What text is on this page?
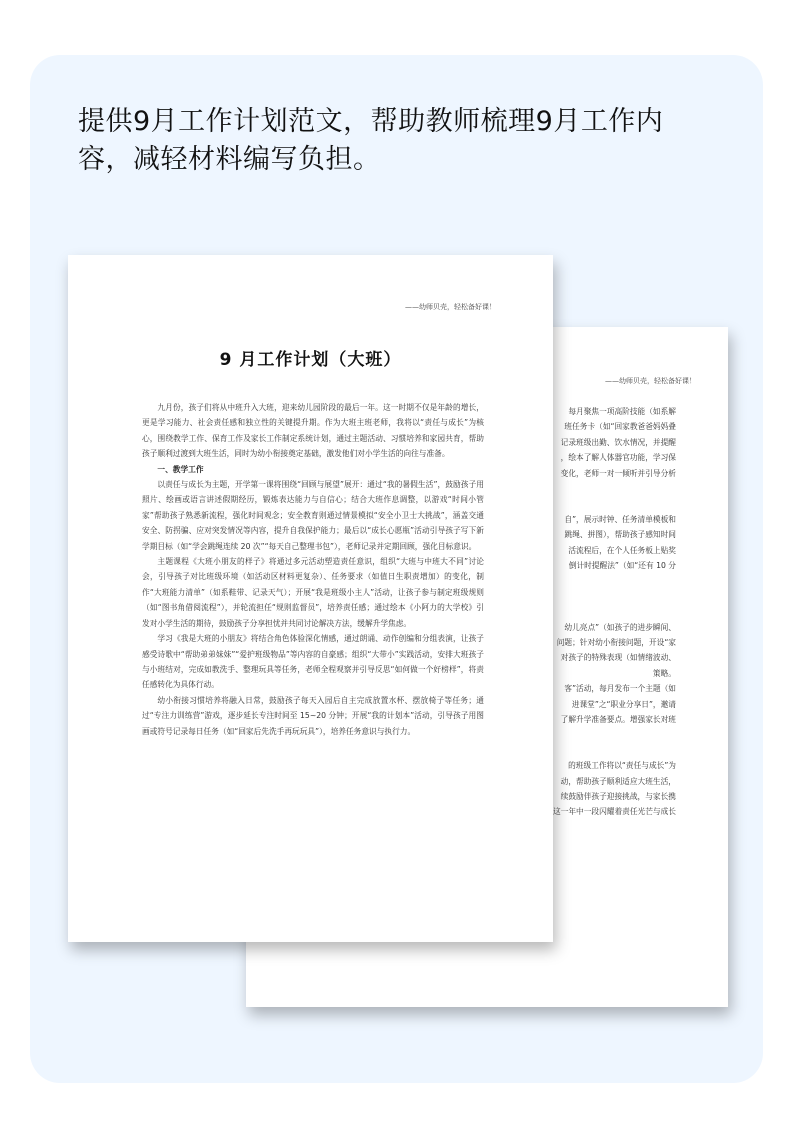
提供9月工作计划范文，帮助教师梳理9月工作内容，减轻材料编写负担。
——幼师贝壳，轻松备好课！
每月聚焦一项高阶技能（如系解
班任务卡（如“回家教爸爸妈妈叠
记录班级出勤、饮水情况，并提醒
，绘本了解人体器官功能，学习保
变化，老师一对一倾听并引导分析
自”，展示时钟、任务清单模板和
跳绳、拼图），帮助孩子感知时间
活流程后，在个人任务板上贴奖
倒计时提醒法”（如“还有 10 分
幼儿亮点”（如孩子的进步瞬间、
问题；针对幼小衔接问题，开设“家
对孩子的特殊表现（如情绪波动、
策略。
客”活动，每月发布一个主题（如
进课堂”之“职业分享日”，邀请
了解升学准备要点。增强家长对班
的班级工作将以“责任与成长”为
动，帮助孩子顺利适应大班生活，
续鼓励伴孩子迎接挑战，与家长携
这一年中一段闪耀着责任光芒与成长
——幼师贝壳，轻松备好课！
9 月工作计划（大班）

九月份，孩子们将从中班升入大班，迎来幼儿园阶段的最后一年。这一时期不仅是年龄的增长，更是学习能力、社会责任感和独立性的关键提升期。作为大班主班老师，我将以“责任与成长”为核心，围绕教学工作、保育工作及家长工作制定系统计划，通过主题活动、习惯培养和家园共育，帮助孩子顺利过渡到大班生活，同时为幼小衔接奠定基础，激发他们对小学生活的向往与准备。

一、教学工作

以责任与成长为主题，开学第一课将围绕“回顾与展望”展开：通过“我的暑假生活”，鼓励孩子用照片、绘画或语言讲述假期经历，锻炼表达能力与自信心；结合大班作息调整，以游戏“时间小管家”帮助孩子熟悉新流程，强化时间观念；安全教育则通过情景模拟“安全小卫士大挑战”，涵盖交通安全、防拐骗、应对突发情况等内容，提升自我保护能力；最后以“成长心愿瓶”活动引导孩子写下新学期目标（如“学会跳绳连续 20 次”“每天自己整理书包”），老师记录并定期回顾，强化目标意识。

主题课程《大班小朋友的样子》将通过多元活动塑造责任意识，组织“大班与中班大不同”讨论会，引导孩子对比班级环境（如活动区材料更复杂）、任务要求（如值日生职责增加）的变化，制作“大班能力清单”（如系鞋带、记录天气）；开展“我是班级小主人”活动，让孩子参与制定班级规则（如“图书角借阅流程”），并轮流担任“规则监督员”，培养责任感；通过绘本《小阿力的大学校》引发对小学生活的期待，鼓励孩子分享担忧并共同讨论解决方法，缓解升学焦虑。

学习《我是大班的小朋友》将结合角色体验深化情感，通过朗诵、动作创编和分组表演，让孩子感受诗歌中“帮助弟弟妹妹”“爱护班级物品”等内容的自豪感；组织“大带小”实践活动，安排大班孩子与小班结对，完成如教洗手、整理玩具等任务，老师全程观察并引导反思“如何做一个好榜样”，将责任感转化为具体行动。

幼小衔接习惯培养将融入日常，鼓励孩子每天入园后自主完成放置水杯、摆放椅子等任务；通过“专注力训练营”游戏，逐步延长专注时间至 15~20 分钟；开展“我的计划本”活动，引导孩子用图画或符号记录每日任务（如“回家后先洗手再玩玩具”），培养任务意识与执行力。
